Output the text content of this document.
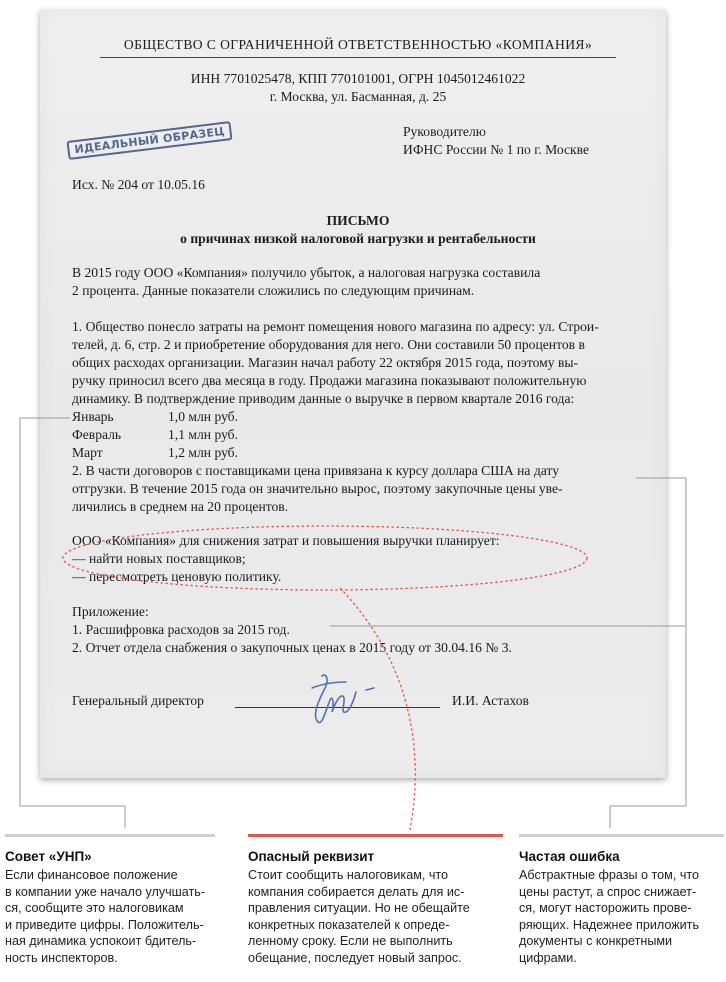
ОБЩЕСТВО С ОГРАНИЧЕННОЙ ОТВЕТСТВЕННОСТЬЮ «КОМПАНИЯ»
ИНН 7701025478, КПП 770101001, ОГРН 1045012461022
г. Москва, ул. Басманная, д. 25
ИДЕАЛЬНЫЙ ОБРАЗЕЦ	Руководителю
ИФНС России № 1 по г. Москве
Исх. № 204 от 10.05.16
ПИСЬМО
о причинах низкой налоговой нагрузки и рентабельности
В 2015 году ООО «Компания» получило убыток, а налоговая нагрузка составила
2 процента. Данные показатели сложились по следующим причинам.
1. Общество понесло затраты на ремонт помещения нового магазина по адресу: ул. Строи-
телей, д. 6, стр. 2 и приобретение оборудования для него. Они составили 50 процентов в
общих расходах организации. Магазин начал работу 22 октября 2015 года, поэтому вы-
ручку приносил всего два месяца в году. Продажи магазина показывают положительную
динамику. В подтверждение приводим данные о выручке в первом квартале 2016 года:
Январь	1,0 млн руб.
Февраль	1,1 млн руб.
Март	1,2 млн руб.
2. В части договоров с поставщиками цена привязана к курсу доллара США на дату
отгрузки. В течение 2015 года он значительно вырос, поэтому закупочные цены уве-
личились в среднем на 20 процентов.
ООО «Компания» для снижения затрат и повышения выручки планирует:
— найти новых поставщиков;
— пересмотреть ценовую политику.
Приложение:
1. Расшифровка расходов за 2015 год.
2. Отчет отдела снабжения о закупочных ценах в 2015 году от 30.04.16 № 3.
Генеральный директор	И.И. Астахов
Совет «УНП»
Если финансовое положение
в компании уже начало улучшать-
ся, сообщите это налоговикам
и приведите цифры. Положитель-
ная динамика успокоит бдитель-
ность инспекторов.
Опасный реквизит
Стоит сообщить налоговикам, что
компания собирается делать для ис-
правления ситуации. Но не обещайте
конкретных показателей к опреде-
ленному сроку. Если не выполнить
обещание, последует новый запрос.
Частая ошибка
Абстрактные фразы о том, что
цены растут, а спрос снижает-
ся, могут насторожить прове-
ряющих. Надежнее приложить
документы с конкретными
цифрами.
